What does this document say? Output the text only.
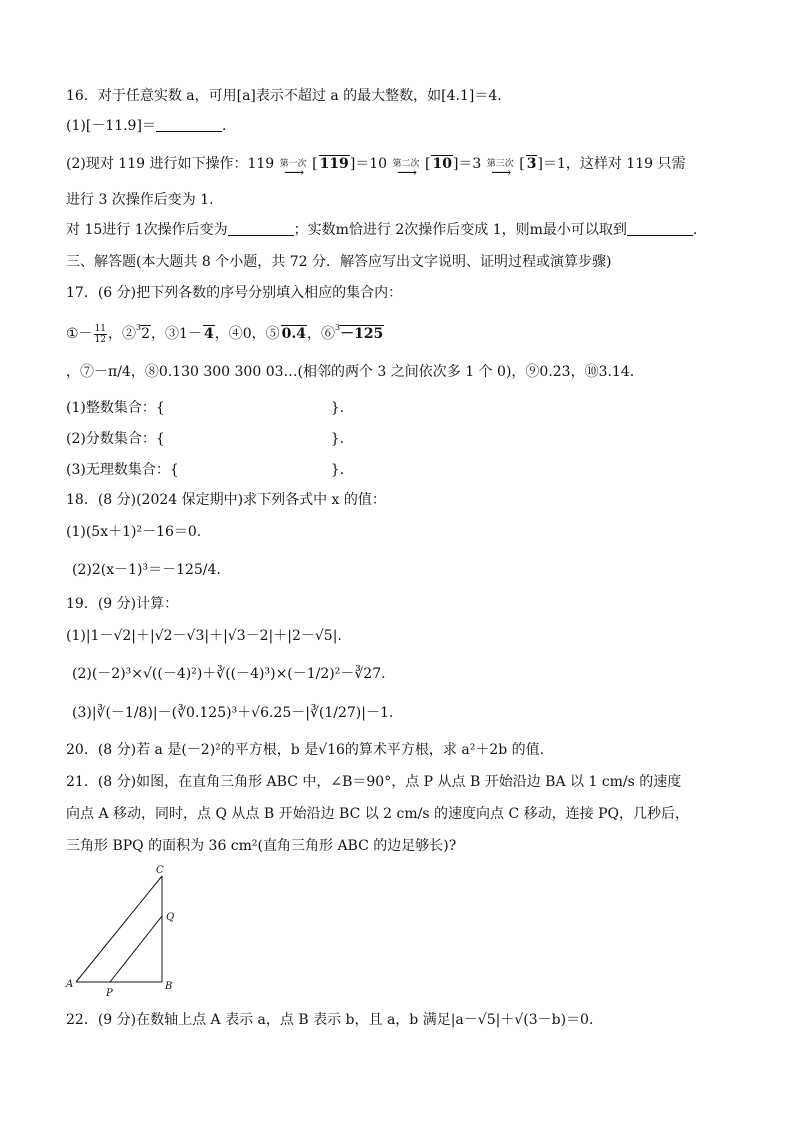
16．对于任意实数 a，可用[a]表示不超过 a 的最大整数，如[4.1]＝4.
(1)[－11.9]＝	.
(2)现对 119 进行如下操作：119 第一次
⟶
[ 119]＝10 第二次
⟶
[ 10]＝3 第三次
⟶
[ 3]＝1，这样对 119 只需
进行 3 次操作后变为 1.
对 15进行 1次操作后变为	；实数m恰进行 2次操作后变成 1，则m最小可以取到	.
三、解答题(本大题共 8 个小题，共 72 分．解答应写出文字说明、证明过程或演算步骤)
17．(6 分)把下列各数的序号分别填入相应的集合内：
①－ $\frac{11}{12}$ ，②$^3$2，③1－ 4，④0，⑤ 0.4，⑥$^3$－125
，⑦－π/4，⑧0.130 300 300 03…(相邻的两个 3 之间依次多 1 个 0)，⑨0.2̇3̇，⑩3.14.
(1)整数集合：{	}.
(2)分数集合：{	}.
(3)无理数集合：{	}.
18．(8 分)(2024 保定期中)求下列各式中 x 的值：
(1)(5x＋1)²－16＝0.
(2)2(x－1)³＝－125/4.
19．(9 分)计算：
(1)|1－√2|＋|√2－√3|＋|√3－2|＋|2－√5|.
(2)(－2)³×√((－4)²)＋∛((－4)³)×(－1/2)²－∛27.
(3)|∛(－1/8)|－(∛0.125)³＋√6.25－|∛(1/27)|－1.
20．(8 分)若 a 是(－2)²的平方根，b 是√16的算术平方根，求 a²＋2b 的值.
21．(8 分)如图，在直角三角形 ABC 中，∠B＝90°，点 P 从点 B 开始沿边 BA 以 1 cm/s 的速度
向点 A 移动，同时，点 Q 从点 B 开始沿边 BC 以 2 cm/s 的速度向点 C 移动，连接 PQ，几秒后，
三角形 BPQ 的面积为 36 cm²(直角三角形 ABC 的边足够长)?
C
Q
A	B
P
22．(9 分)在数轴上点 A 表示 a，点 B 表示 b，且 a，b 满足|a－√5|＋√(3－b)＝0.
